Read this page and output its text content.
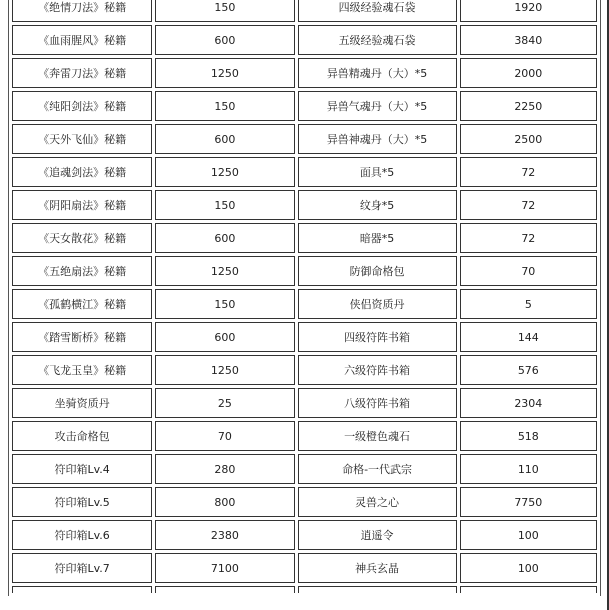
《绝情刀法》秘籍	150	四级经验魂石袋	1920
《血雨腥风》秘籍	600	五级经验魂石袋	3840
《奔雷刀法》秘籍	1250	异兽精魂丹（大）*5	2000
《纯阳剑法》秘籍	150	异兽气魂丹（大）*5	2250
《天外飞仙》秘籍	600	异兽神魂丹（大）*5	2500
《追魂剑法》秘籍	1250	面具*5	72
《阴阳扇法》秘籍	150	纹身*5	72
《天女散花》秘籍	600	暗器*5	72
《五绝扇法》秘籍	1250	防御命格包	70
《孤鹤横江》秘籍	150	侠侣资质丹	5
《踏雪断桥》秘籍	600	四级符阵书箱	144
《飞龙玉皇》秘籍	1250	六级符阵书箱	576
坐骑资质丹	25	八级符阵书箱	2304
攻击命格包	70	一级橙色魂石	518
符印箱Lv.4	280	命格-一代武宗	110
符印箱Lv.5	800	灵兽之心	7750
符印箱Lv.6	2380	逍遥令	100
符印箱Lv.7	7100	神兵玄晶	100
